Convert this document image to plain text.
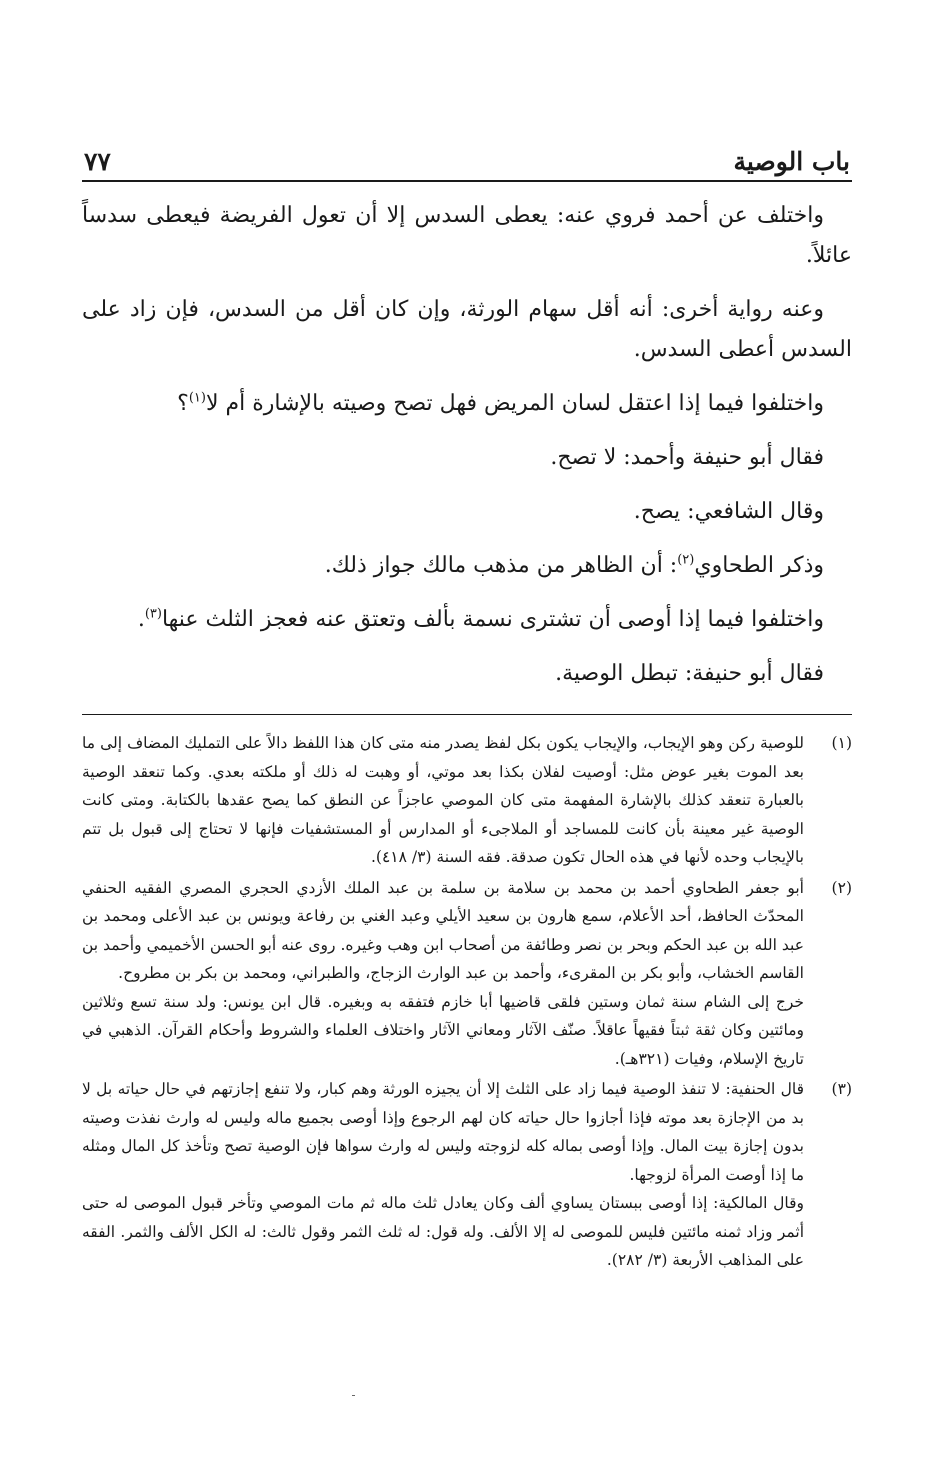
باب الوصية
٧٧

واختلف عن أحمد فروي عنه: يعطى السدس إلا أن تعول الفريضة فيعطى سدساً عائلاً.

وعنه رواية أخرى: أنه أقل سهام الورثة، وإن كان أقل من السدس، فإن زاد على السدس أعطى السدس.

واختلفوا فيما إذا اعتقل لسان المريض فهل تصح وصيته بالإشارة أم لا$^{(١)}$؟

فقال أبو حنيفة وأحمد: لا تصح.

وقال الشافعي: يصح.

وذكر الطحاوي$^{(٢)}$: أن الظاهر من مذهب مالك جواز ذلك.

واختلفوا فيما إذا أوصى أن تشترى نسمة بألف وتعتق عنه فعجز الثلث عنها$^{(٣)}$.

فقال أبو حنيفة: تبطل الوصية.

(١)

للوصية ركن وهو الإيجاب، والإيجاب يكون بكل لفظ يصدر منه متى كان هذا اللفظ دالاً على التمليك المضاف إلى ما بعد الموت بغير عوض مثل: أوصيت لفلان بكذا بعد موتي، أو وهبت له ذلك أو ملكته بعدي. وكما تنعقد الوصية بالعبارة تنعقد كذلك بالإشارة المفهمة متى كان الموصي عاجزاً عن النطق كما يصح عقدها بالكتابة. ومتى كانت الوصية غير معينة بأن كانت للمساجد أو الملاجىء أو المدارس أو المستشفيات فإنها لا تحتاج إلى قبول بل تتم بالإيجاب وحده لأنها في هذه الحال تكون صدقة. فقه السنة (٣/ ٤١٨).

(٢)

أبو جعفر الطحاوي أحمد بن محمد بن سلامة بن سلمة بن عبد الملك الأزدي الحجري المصري الفقيه الحنفي المحدّث الحافظ، أحد الأعلام، سمع هارون بن سعيد الأيلي وعبد الغني بن رفاعة ويونس بن عبد الأعلى ومحمد بن عبد الله بن عبد الحكم وبحر بن نصر وطائفة من أصحاب ابن وهب وغيره. روى عنه أبو الحسن الأخميمي وأحمد بن القاسم الخشاب، وأبو بكر بن المقرىء، وأحمد بن عبد الوارث الزجاج، والطبراني، ومحمد بن بكر بن مطروح.

خرج إلى الشام سنة ثمان وستين فلقى قاضيها أبا خازم فتفقه به وبغيره. قال ابن يونس: ولد سنة تسع وثلاثين ومائتين وكان ثقة ثبتاً فقيهاً عاقلاً. صنّف الآثار ومعاني الآثار واختلاف العلماء والشروط وأحكام القرآن. الذهبي في تاريخ الإسلام، وفيات (٣٢١هـ).

(٣)

قال الحنفية: لا تنفذ الوصية فيما زاد على الثلث إلا أن يجيزه الورثة وهم كبار، ولا تنفع إجازتهم في حال حياته بل لا بد من الإجازة بعد موته فإذا أجازوا حال حياته كان لهم الرجوع وإذا أوصى بجميع ماله وليس له وارث نفذت وصيته بدون إجازة بيت المال. وإذا أوصى بماله كله لزوجته وليس له وارث سواها فإن الوصية تصح وتأخذ كل المال ومثله ما إذا أوصت المرأة لزوجها.

وقال المالكية: إذا أوصى ببستان يساوي ألف وكان يعادل ثلث ماله ثم مات الموصي وتأخر قبول الموصى له حتى أثمر وزاد ثمنه مائتين فليس للموصى له إلا الألف. وله قول: له ثلث الثمر وقول ثالث: له الكل الألف والثمر. الفقه على المذاهب الأربعة (٣/ ٢٨٢).
